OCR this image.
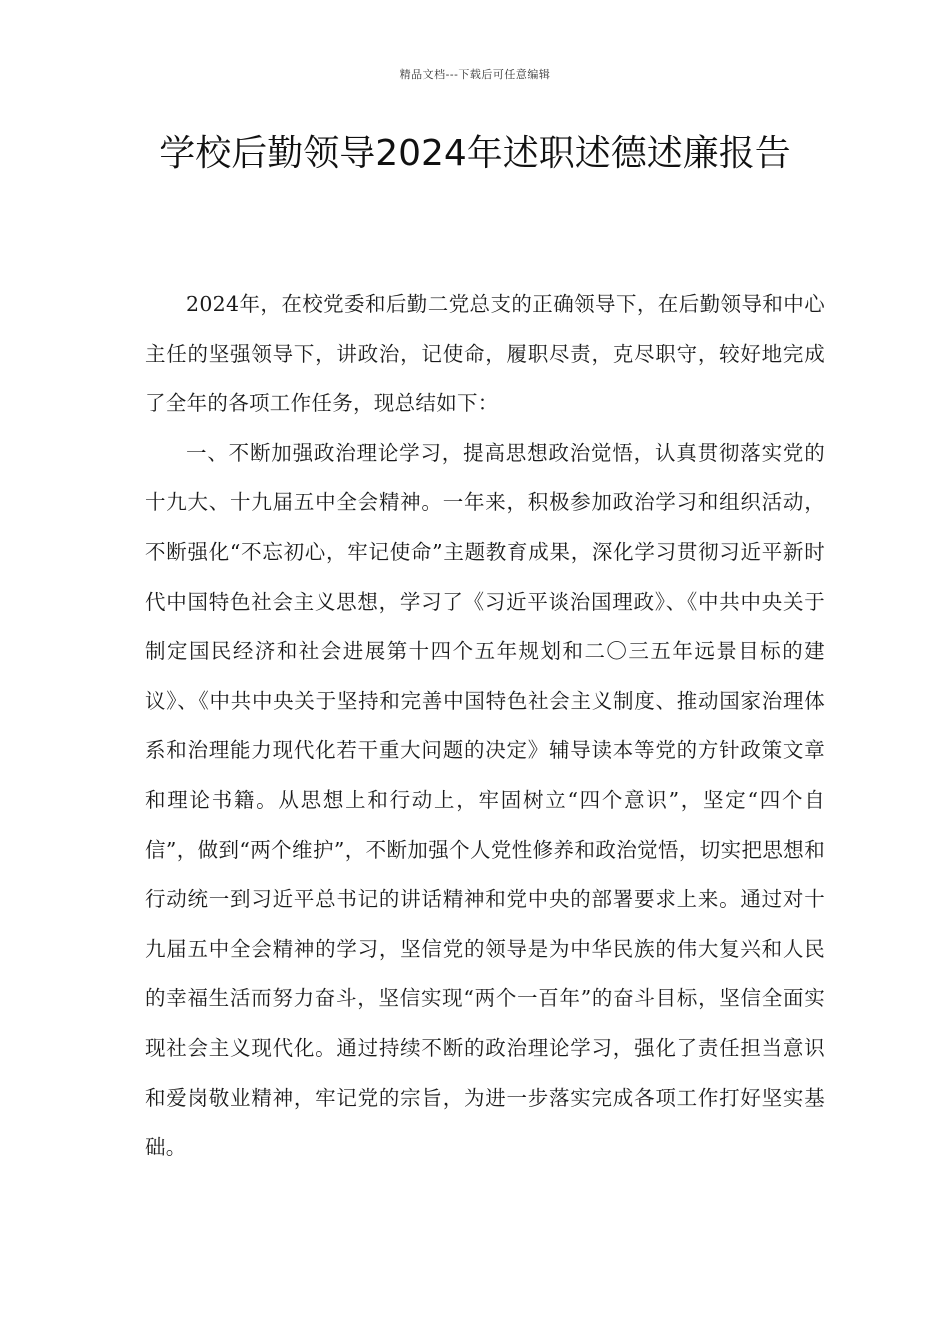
精品文档---下载后可任意编辑
学校后勤领导2024年述职述德述廉报告

2024年，在校党委和后勤二党总支的正确领导下，在后勤领导和中心主任的坚强领导下，讲政治，记使命，履职尽责，克尽职守，较好地完成了全年的各项工作任务，现总结如下：

一、不断加强政治理论学习，提高思想政治觉悟，认真贯彻落实党的十九大、十九届五中全会精神。一年来，积极参加政治学习和组织活动，不断强化“不忘初心，牢记使命”主题教育成果，深化学习贯彻习近平新时代中国特色社会主义思想，学习了《习近平谈治国理政》、《中共中央关于制定国民经济和社会进展第十四个五年规划和二〇三五年远景目标的建议》、《中共中央关于坚持和完善中国特色社会主义制度、推动国家治理体系和治理能力现代化若干重大问题的决定》辅导读本等党的方针政策文章和理论书籍。从思想上和行动上，牢固树立“四个意识”，坚定“四个自信”，做到“两个维护”，不断加强个人党性修养和政治觉悟，切实把思想和行动统一到习近平总书记的讲话精神和党中央的部署要求上来。通过对十九届五中全会精神的学习，坚信党的领导是为中华民族的伟大复兴和人民的幸福生活而努力奋斗，坚信实现“两个一百年”的奋斗目标，坚信全面实现社会主义现代化。通过持续不断的政治理论学习，强化了责任担当意识和爱岗敬业精神，牢记党的宗旨，为进一步落实完成各项工作打好坚实基础。
